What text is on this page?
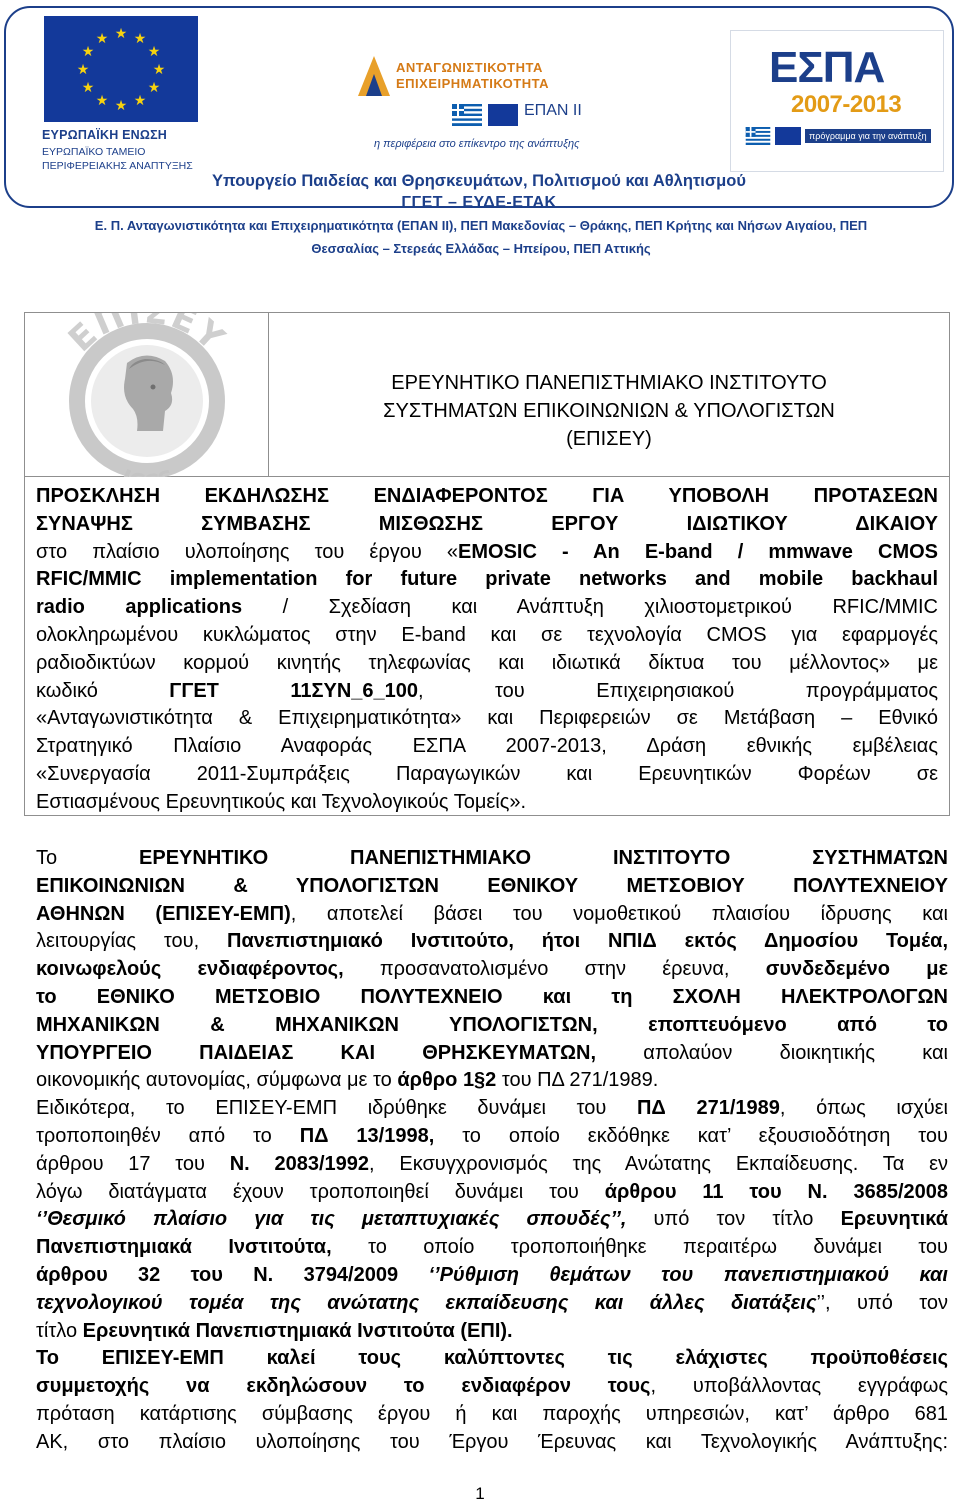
★ ★
★
★
★
★
★
★
★
★
★
★
ΕΥΡΩΠΑΪΚΗ ΕΝΩΣΗ
ΕΥΡΩΠΑΪΚΟ ΤΑΜΕΙΟ
ΠΕΡΙΦΕΡΕΙΑΚΗΣ ΑΝΑΠΤΥΞΗΣ
ΑΝΤΑΓΩΝΙΣΤΙΚΟΤΗΤΑ
ΕΠΙΧΕΙΡΗΜΑΤΙΚΟΤΗΤΑ
ΕΠΑΝ ΙΙ
η περιφέρεια στο επίκεντρο της ανάπτυξης
ΕΣΠΑ
2007-2013
πρόγραμμα για την ανάπτυξη
Υπουργείο Παιδείας και Θρησκευμάτων, Πολιτισμού και Αθλητισμού
ΓΓΕΤ – ΕΥΔΕ-ΕΤΑΚ
Ε. Π. Ανταγωνιστικότητα και Επιχειρηματικότητα (ΕΠΑΝ ΙΙ), ΠΕΠ Μακεδονίας – Θράκης, ΠΕΠ Κρήτης και Νήσων Αιγαίου, ΠΕΠ
Θεσσαλίας – Στερεάς Ελλάδας – Ηπείρου, ΠΕΠ Αττικής
ΕΠ ΕΥ
ΕΡΕΥΝΗΤΙΚΟ ΠΑΝΕΠΙΣΤΗΜΙΑΚΟ ΙΝΣΤΙΤΟΥΤΟ
ΣΥΣΤΗΜΑΤΩΝ ΕΠΙΚΟΙΝΩΝΙΩΝ & ΥΠΟΛΟΓΙΣΤΩΝ
(ΕΠΙΣΕΥ)
ΠΡΟΣΚΛΗΣΗ ΕΚΔΗΛΩΣΗΣ ΕΝΔΙΑΦΕΡΟΝΤΟΣ ΓΙΑ ΥΠΟΒΟΛΗ ΠΡΟΤΑΣΕΩΝ
ΣΥΝΑΨΗΣ ΣΥΜΒΑΣΗΣ ΜΙΣΘΩΣΗΣ ΕΡΓΟΥ ΙΔΙΩΤΙΚΟΥ ΔΙΚΑΙΟΥ
στο πλαίσιο υλοποίησης του έργου «EMOSIC - An E-band / mmwave CMOS
RFIC/MMIC implementation for future private networks and mobile backhaul
radio applications / Σχεδίαση και Ανάπτυξη χιλιοστομετρικού RFIC/MMIC
ολοκληρωμένου κυκλώματος στην E-band και σε τεχνολογία CMOS για εφαρμογές
ραδιοδικτύων κορμού κινητής τηλεφωνίας και ιδιωτικά δίκτυα του μέλλοντος» με
κωδικό ΓΓΕΤ 11ΣΥΝ_6_100, του Επιχειρησιακού προγράμματος
«Ανταγωνιστικότητα & Επιχειρηματικότητα» και Περιφερειών σε Μετάβαση – Εθνικό
Στρατηγικό Πλαίσιο Αναφοράς ΕΣΠΑ 2007-2013, Δράση εθνικής εμβέλειας
«Συνεργασία 2011-Συμπράξεις Παραγωγικών και Ερευνητικών Φορέων σε
Εστιασμένους Ερευνητικούς και Τεχνολογικούς Τομείς».
Το ΕΡΕΥΝΗΤΙΚΟ ΠΑΝΕΠΙΣΤΗΜΙΑΚΟ ΙΝΣΤΙΤΟΥΤΟ ΣΥΣΤΗΜΑΤΩΝ
ΕΠΙΚΟΙΝΩΝΙΩΝ & ΥΠΟΛΟΓΙΣΤΩΝ ΕΘΝΙΚΟΥ ΜΕΤΣΟΒΙΟΥ ΠΟΛΥΤΕΧΝΕΙΟΥ
ΑΘΗΝΩΝ (ΕΠΙΣΕΥ-ΕΜΠ), αποτελεί βάσει του νομοθετικού πλαισίου ίδρυσης και
λειτουργίας του, Πανεπιστημιακό Ινστιτούτο, ήτοι ΝΠΙΔ εκτός Δημοσίου Τομέα,
κοινωφελούς ενδιαφέροντος, προσανατολισμένο στην έρευνα, συνδεδεμένο με
το ΕΘΝΙΚΟ ΜΕΤΣΟΒΙΟ ΠΟΛΥΤΕΧΝΕΙΟ και τη ΣΧΟΛΗ ΗΛΕΚΤΡΟΛΟΓΩΝ
ΜΗΧΑΝΙΚΩΝ & ΜΗΧΑΝΙΚΩΝ ΥΠΟΛΟΓΙΣΤΩΝ, εποπτευόμενο από το
ΥΠΟΥΡΓΕΙΟ ΠΑΙΔΕΙΑΣ ΚΑΙ ΘΡΗΣΚΕΥΜΑΤΩΝ, απολαύον διοικητικής και
οικονομικής αυτονομίας, σύμφωνα με το άρθρο 1§2 του ΠΔ 271/1989.
Ειδικότερα, το ΕΠΙΣΕΥ-ΕΜΠ ιδρύθηκε δυνάμει του ΠΔ 271/1989, όπως ισχύει
τροποποιηθέν από το ΠΔ 13/1998, το οποίο εκδόθηκε κατ’ εξουσιοδότηση του
άρθρου 17 του Ν. 2083/1992, Εκσυγχρονισμός της Ανώτατης Εκπαίδευσης. Τα εν
λόγω διατάγματα έχουν τροποποιηθεί δυνάμει του άρθρου 11 του Ν. 3685/2008
‘’Θεσμικό πλαίσιο για τις μεταπτυχιακές σπουδές’’, υπό τον τίτλο Ερευνητικά
Πανεπιστημιακά Ινστιτούτα, το οποίο τροποποιήθηκε περαιτέρω δυνάμει του
άρθρου 32 του Ν. 3794/2009 ‘’Ρύθμιση θεμάτων του πανεπιστημιακού και
τεχνολογικού τομέα της ανώτατης εκπαίδευσης και άλλες διατάξεις’’, υπό τον
τίτλο Ερευνητικά Πανεπιστημιακά Ινστιτούτα (ΕΠΙ).
Το ΕΠΙΣΕΥ-ΕΜΠ καλεί τους καλύπτοντες τις ελάχιστες προϋποθέσεις
συμμετοχής να εκδηλώσουν το ενδιαφέρον τους, υποβάλλοντας εγγράφως
πρόταση κατάρτισης σύμβασης έργου ή και παροχής υπηρεσιών, κατ’ άρθρο 681
ΑΚ, στο πλαίσιο υλοποίησης του Έργου Έρευνας και Τεχνολογικής Ανάπτυξης:
1
